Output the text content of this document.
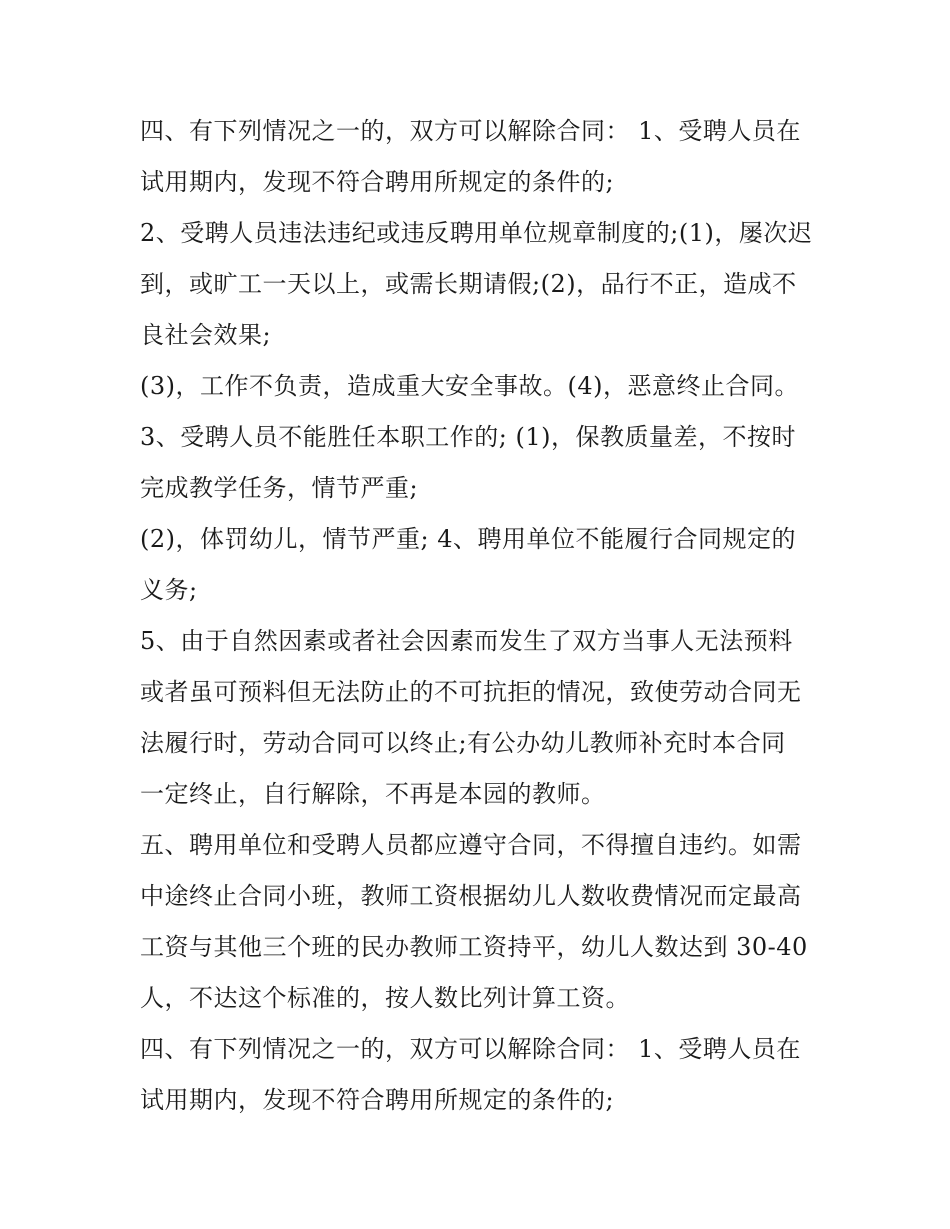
四、有下列情况之一的，双方可以解除合同： 1、受聘人员在

试用期内，发现不符合聘用所规定的条件的;

2、受聘人员违法违纪或违反聘用单位规章制度的;(1)，屡次迟

到，或旷工一天以上，或需长期请假;(2)，品行不正，造成不

良社会效果;

(3)，工作不负责，造成重大安全事故。(4)，恶意终止合同。

3、受聘人员不能胜任本职工作的; (1)，保教质量差，不按时

完成教学任务，情节严重;

(2)，体罚幼儿，情节严重; 4、聘用单位不能履行合同规定的

义务;

5、由于自然因素或者社会因素而发生了双方当事人无法预料

或者虽可预料但无法防止的不可抗拒的情况，致使劳动合同无

法履行时，劳动合同可以终止;有公办幼儿教师补充时本合同

一定终止，自行解除，不再是本园的教师。

五、聘用单位和受聘人员都应遵守合同，不得擅自违约。如需

中途终止合同小班，教师工资根据幼儿人数收费情况而定最高

工资与其他三个班的民办教师工资持平，幼儿人数达到 30-40

人，不达这个标准的，按人数比列计算工资。

四、有下列情况之一的，双方可以解除合同： 1、受聘人员在

试用期内，发现不符合聘用所规定的条件的;
